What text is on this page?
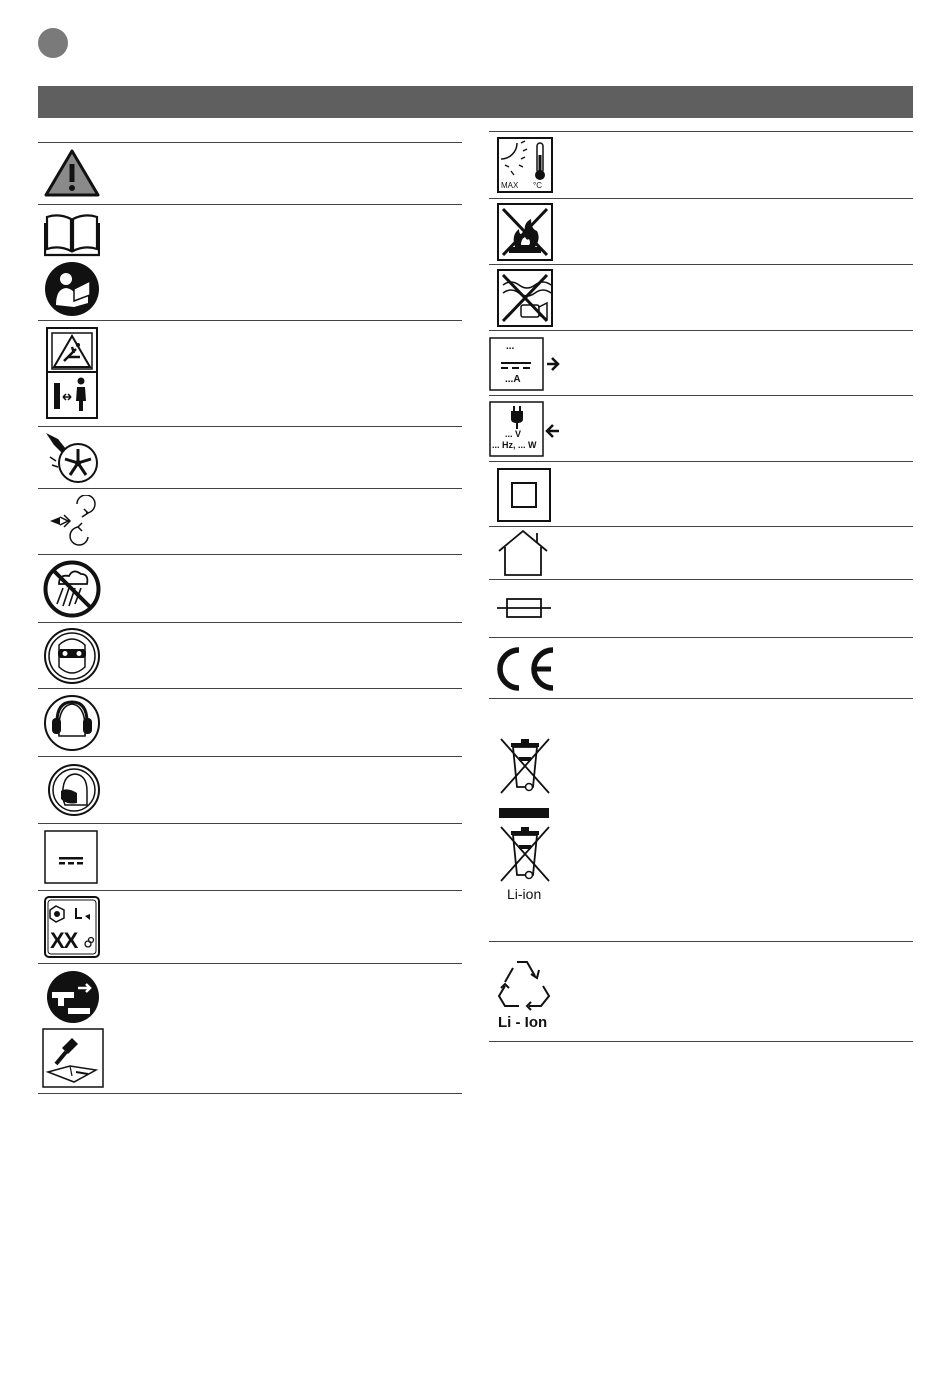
XX
MAX °C
...
...A
... V
... Hz, ... W
Li-ion
Li - Ion
